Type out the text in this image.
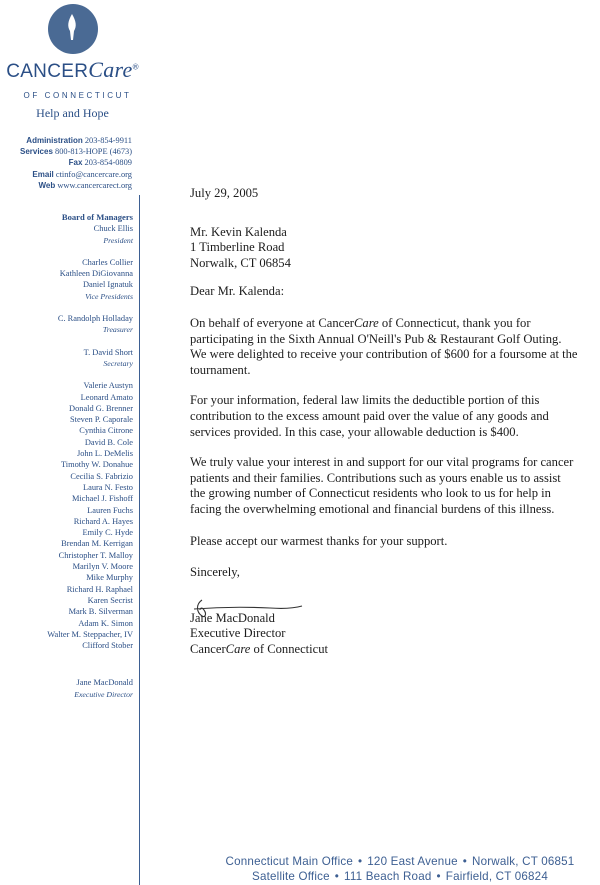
CANCERCare®
OF CONNECTICUT
Help and Hope
Administration 203-854-9911
Services 800-813-HOPE (4673)
Fax 203-854-0809
Email ctinfo@cancercare.org
Web www.cancercarect.org
Board of Managers
Chuck Ellis
President
Charles Collier
Kathleen DiGiovanna
Daniel Ignatuk
Vice Presidents
C. Randolph Holladay
Treasurer
T. David Short
Secretary
Valerie Austyn
Leonard Amato
Donald G. Brenner
Steven P. Caporale
Cynthia Citrone
David B. Cole
John L. DeMelis
Timothy W. Donahue
Cecilia S. Fabrizio
Laura N. Festo
Michael J. Fishoff
Lauren Fuchs
Richard A. Hayes
Emily C. Hyde
Brendan M. Kerrigan
Christopher T. Malloy
Marilyn V. Moore
Mike Murphy
Richard H. Raphael
Karen Secrist
Mark B. Silverman
Adam K. Simon
Walter M. Steppacher, IV
Clifford Stober
Jane MacDonald
Executive Director

July 29, 2005

Mr. Kevin Kalenda

1 Timberline Road

Norwalk, CT 06854

Dear Mr. Kalenda:

On behalf of everyone at CancerCare of Connecticut, thank you for

participating in the Sixth Annual O'Neill's Pub & Restaurant Golf Outing.

We were delighted to receive your contribution of $600 for a foursome at the

tournament.

For your information, federal law limits the deductible portion of this

contribution to the excess amount paid over the value of any goods and

services provided. In this case, your allowable deduction is $400.

We truly value your interest in and support for our vital programs for cancer

patients and their families. Contributions such as yours enable us to assist

the growing number of Connecticut residents who look to us for help in

facing the overwhelming emotional and financial burdens of this illness.

Please accept our warmest thanks for your support.

Sincerely,

Jane MacDonald

Executive Director

CancerCare of Connecticut

Connecticut Main Office • 120 East Avenue • Norwalk, CT 06851
Satellite Office • 111 Beach Road • Fairfield, CT 06824
